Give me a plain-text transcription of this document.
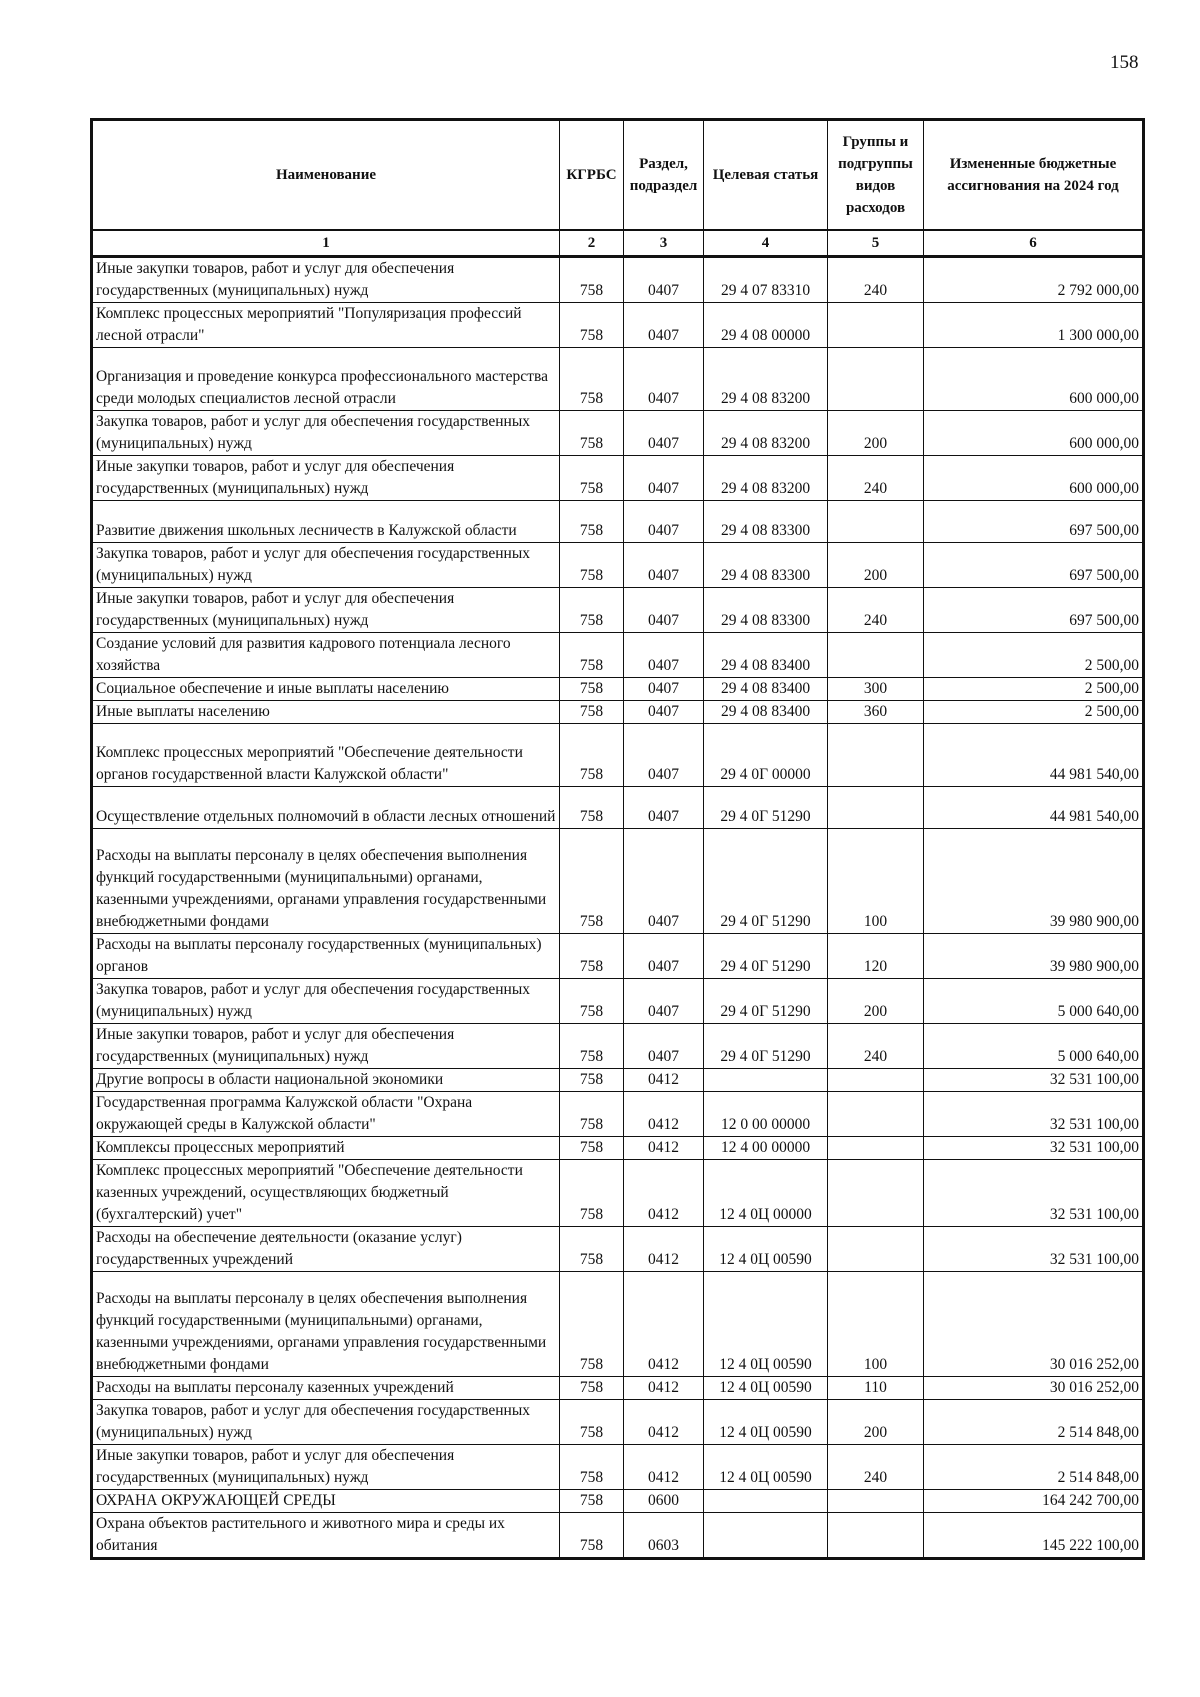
158
Наименование	КГРБС	Раздел, подраздел	Целевая статья	Группы и подгруппы видов расходов	Измененные бюджетные ассигнования на 2024 год
1	2	3	4	5	6
Иные закупки товаров, работ и услуг для обеспечения государственных (муниципальных) нужд	758	0407	29 4 07 83310	240	2 792 000,00
Комплекс процессных мероприятий "Популяризация профессий лесной отрасли"	758	0407	29 4 08 00000		1 300 000,00
Организация и проведение конкурса профессионального мастерства среди молодых специалистов лесной отрасли	758	0407	29 4 08 83200		600 000,00
Закупка товаров, работ и услуг для обеспечения государственных (муниципальных) нужд	758	0407	29 4 08 83200	200	600 000,00
Иные закупки товаров, работ и услуг для обеспечения государственных (муниципальных) нужд	758	0407	29 4 08 83200	240	600 000,00
Развитие движения школьных лесничеств в Калужской области	758	0407	29 4 08 83300		697 500,00
Закупка товаров, работ и услуг для обеспечения государственных (муниципальных) нужд	758	0407	29 4 08 83300	200	697 500,00
Иные закупки товаров, работ и услуг для обеспечения государственных (муниципальных) нужд	758	0407	29 4 08 83300	240	697 500,00
Создание условий для развития кадрового потенциала лесного хозяйства	758	0407	29 4 08 83400		2 500,00
Социальное обеспечение и иные выплаты населению	758	0407	29 4 08 83400	300	2 500,00
Иные выплаты населению	758	0407	29 4 08 83400	360	2 500,00
Комплекс процессных мероприятий "Обеспечение деятельности органов государственной власти Калужской области"	758	0407	29 4 0Г 00000		44 981 540,00
Осуществление отдельных полномочий в области лесных отношений	758	0407	29 4 0Г 51290		44 981 540,00
Расходы на выплаты персоналу в целях обеспечения выполнения функций государственными (муниципальными) органами, казенными учреждениями, органами управления государственными внебюджетными фондами	758	0407	29 4 0Г 51290	100	39 980 900,00
Расходы на выплаты персоналу государственных (муниципальных) органов	758	0407	29 4 0Г 51290	120	39 980 900,00
Закупка товаров, работ и услуг для обеспечения государственных (муниципальных) нужд	758	0407	29 4 0Г 51290	200	5 000 640,00
Иные закупки товаров, работ и услуг для обеспечения государственных (муниципальных) нужд	758	0407	29 4 0Г 51290	240	5 000 640,00
Другие вопросы в области национальной экономики	758	0412			32 531 100,00
Государственная программа Калужской области "Охрана окружающей среды в Калужской области"	758	0412	12 0 00 00000		32 531 100,00
Комплексы процессных мероприятий	758	0412	12 4 00 00000		32 531 100,00
Комплекс процессных мероприятий "Обеспечение деятельности казенных учреждений, осуществляющих бюджетный (бухгалтерский) учет"	758	0412	12 4 0Ц 00000		32 531 100,00
Расходы на обеспечение деятельности (оказание услуг) государственных учреждений	758	0412	12 4 0Ц 00590		32 531 100,00
Расходы на выплаты персоналу в целях обеспечения выполнения функций государственными (муниципальными) органами, казенными учреждениями, органами управления государственными внебюджетными фондами	758	0412	12 4 0Ц 00590	100	30 016 252,00
Расходы на выплаты персоналу казенных учреждений	758	0412	12 4 0Ц 00590	110	30 016 252,00
Закупка товаров, работ и услуг для обеспечения государственных (муниципальных) нужд	758	0412	12 4 0Ц 00590	200	2 514 848,00
Иные закупки товаров, работ и услуг для обеспечения государственных (муниципальных) нужд	758	0412	12 4 0Ц 00590	240	2 514 848,00
ОХРАНА ОКРУЖАЮЩЕЙ СРЕДЫ	758	0600			164 242 700,00
Охрана объектов растительного и животного мира и среды их обитания	758	0603			145 222 100,00
